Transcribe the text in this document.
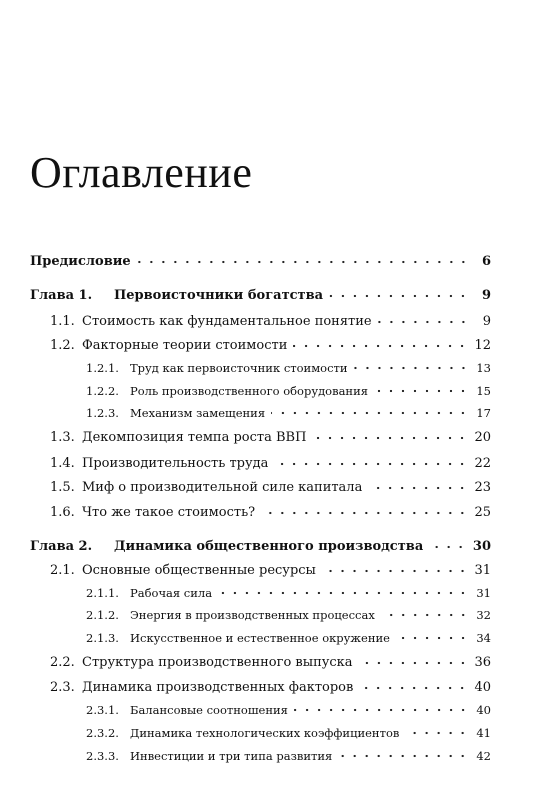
Оглавление
Предисловие	6
Глава 1.	Первоисточники богатства	9
1.1. Стоимость как фундаментальное понятие	9
1.2. Факторные теории стоимости	12
1.2.1. Труд как первоисточник стоимости	13
1.2.2. Роль производственного оборудования	15
1.2.3. Механизм замещения	17
1.3. Декомпозиция темпа роста ВВП	20
1.4. Производительность труда	22
1.5. Миф о производительной силе капитала	23
1.6. Что же такое стоимость?	25
Глава 2.	Динамика общественного производства	30
2.1. Основные общественные ресурсы	31
2.1.1. Рабочая сила	31
2.1.2. Энергия в производственных процессах	32
2.1.3. Искусственное и естественное окружение	34
2.2. Структура производственного выпуска	36
2.3. Динамика производственных факторов	40
2.3.1. Балансовые соотношения	40
2.3.2. Динамика технологических коэффициентов	41
2.3.3. Инвестиции и три типа развития	42
